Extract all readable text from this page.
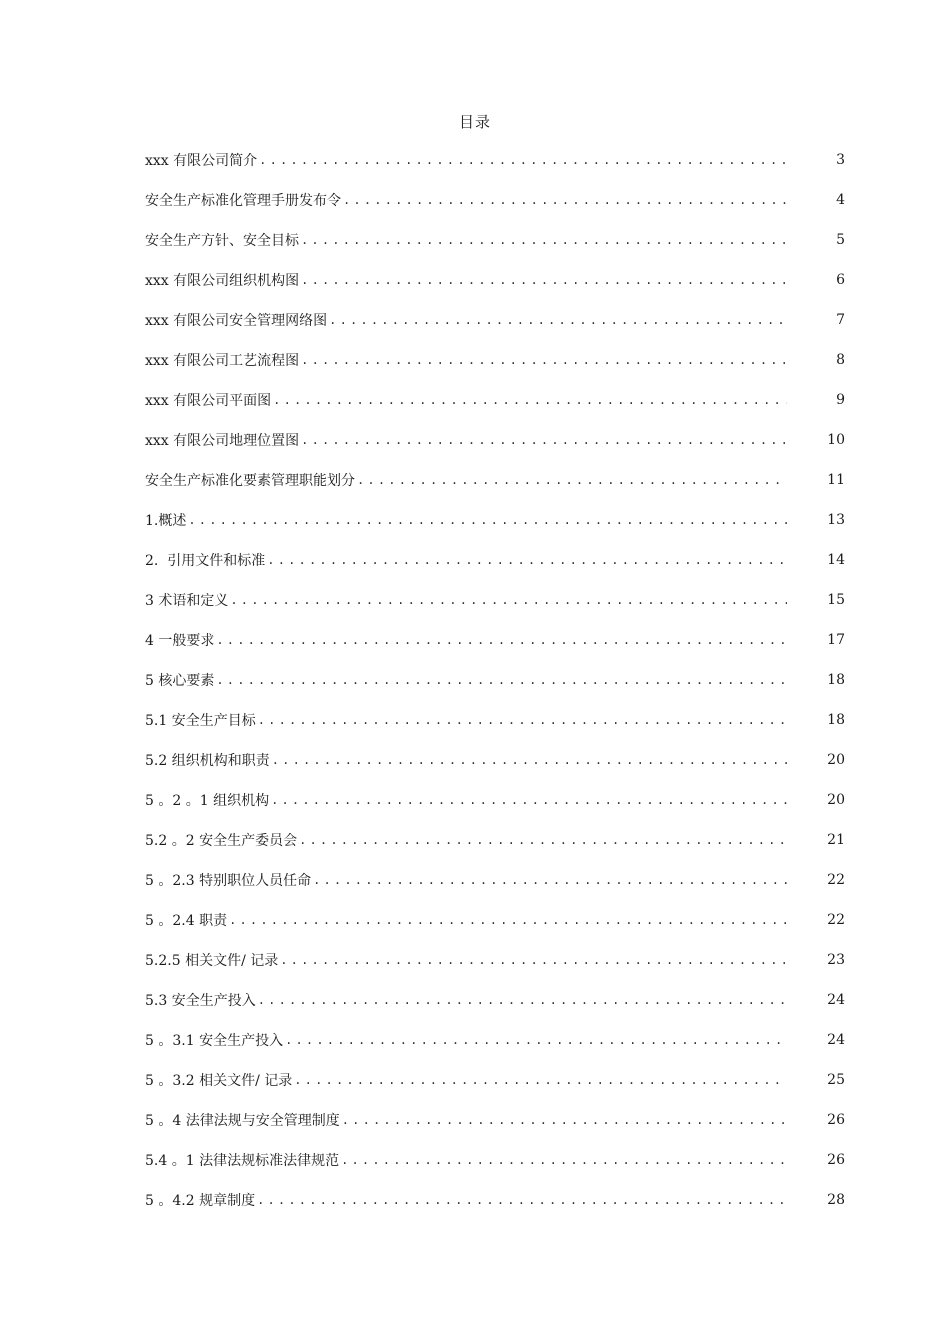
目录
xxx 有限公司简介 .....	3
安全生产标准化管理手册发布令 .....	4
安全生产方针、安全目标 .....	5
xxx 有限公司组织机构图 .....	6
xxx 有限公司安全管理网络图 .....	7
xxx 有限公司工艺流程图 .....	8
xxx 有限公司平面图 .....	9
xxx 有限公司地理位置图 .....	10
安全生产标准化要素管理职能划分 .....	11
1.概述 .....	13
2.  引用文件和标准 .....	14
3 术语和定义 .....	15
4 一般要求 .....	17
5 核心要素 .....	18
5.1 安全生产目标 .....	18
5.2 组织机构和职责 .....	20
5 。2 。1 组织机构 .....	20
5.2 。2 安全生产委员会 .....	21
5 。2.3 特别职位人员任命 .....	22
5 。2.4 职责 .....	22
5.2.5 相关文件/ 记录 .....	23
5.3 安全生产投入 .....	24
5 。3.1 安全生产投入 .....	24
5 。3.2 相关文件/ 记录 .....	25
5 。4 法律法规与安全管理制度 .....	26
5.4 。1 法律法规标准法律规范 .....	26
5 。4.2 规章制度 .....	28
